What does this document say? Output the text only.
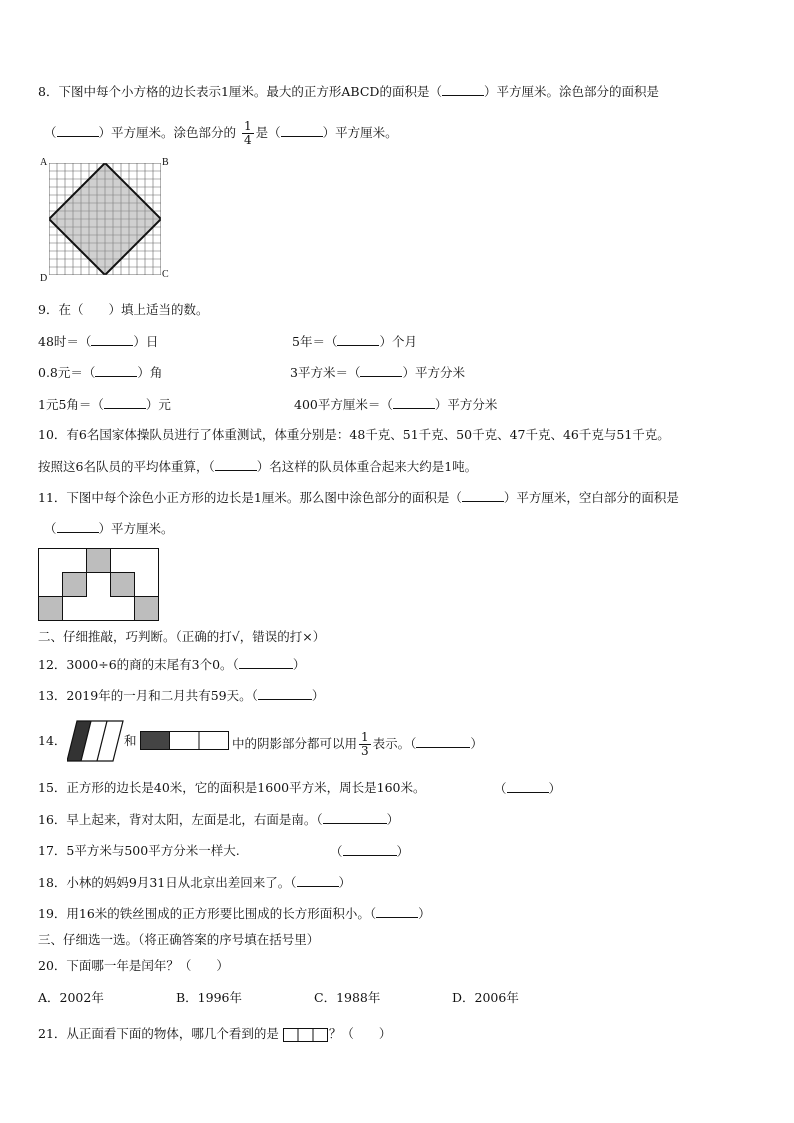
8．下图中每个小方格的边长表示1厘米。最大的正方形ABCD的面积是（	）平方厘米。涂色部分的面积是
（	）平方厘米。涂色部分的 $\frac{1}{4}$ 是（	）平方厘米。
A	B
D	C
9．在（　　）填上适当的数。
48时＝（	）日	5年＝（	）个月
0.8元＝（	）角	3平方米＝（	）平方分米
1元5角＝（	）元	400平方厘米＝（	）平方分米
10．有6名国家体操队员进行了体重测试，体重分别是：48千克、51千克、50千克、47千克、46千克与51千克。
按照这6名队员的平均体重算，（	）名这样的队员体重合起来大约是1吨。
11．下图中每个涂色小正方形的边长是1厘米。那么图中涂色部分的面积是（	）平方厘米，空白部分的面积是
（	）平方厘米。
二、仔细推敲，巧判断。（正确的打√，错误的打×）
12．3000÷6的商的末尾有3个0。（	）
13．2019年的一月和二月共有59天。（	）
14．	和	中的阴影部分都可以用 $\frac{1}{3}$ 表示。（	）
15．正方形的边长是40米，它的面积是1600平方米，周长是160米。	（	）
16．早上起来，背对太阳，左面是北，右面是南。（	）
17．5平方米与500平方分米一样大.	（	）
18．小林的妈妈9月31日从北京出差回来了。（	）
19．用16米的铁丝围成的正方形要比围成的长方形面积小。（	）
三、仔细选一选。（将正确答案的序号填在括号里）
20．下面哪一年是闰年？（　　）
A．2002年	B．1996年	C．1988年	D．2006年
21．从正面看下面的物体，哪几个看到的是	？（　　）
